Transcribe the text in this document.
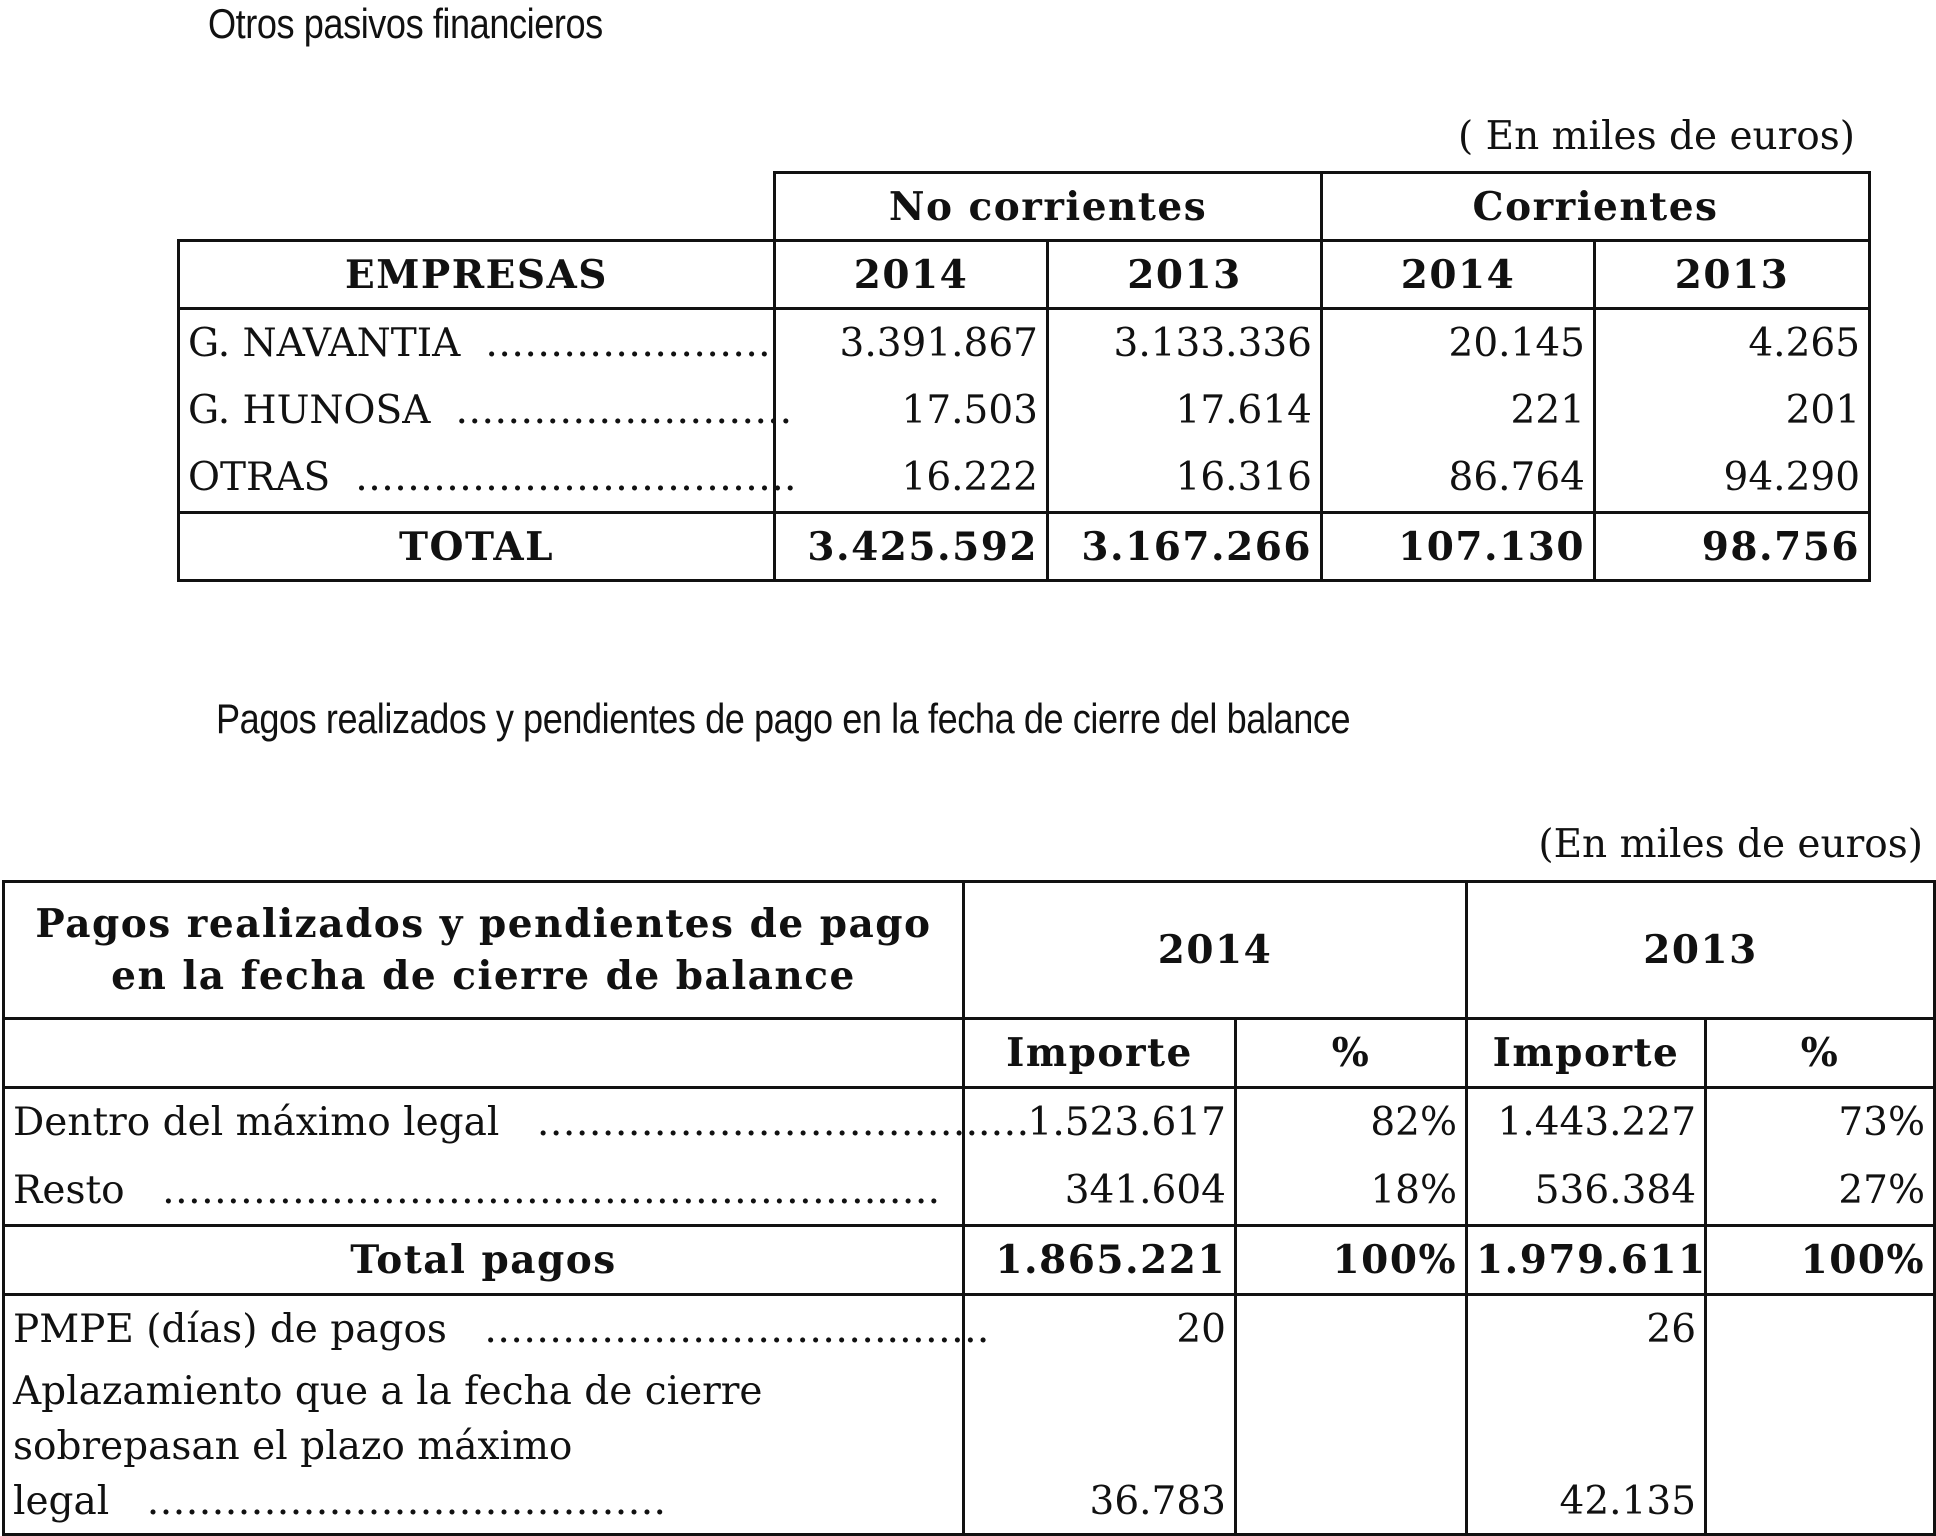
Otros pasivos financieros
( En miles de euros)
	No corrientes		Corrientes	
EMPRESAS	2014	2013	2014	2013
G. NAVANTIA ………………….	3.391.867	3.133.336	20.145	4.265
G. HUNOSA ……………………..	17.503	17.614	221	201
OTRAS …………………………….	16.222	16.316	86.764	94.290
TOTAL	3.425.592	3.167.266	107.130	98.756
Pagos realizados y pendientes de pago en la fecha de cierre del balance
(En miles de euros)
Pagos realizados y pendientes de pago en la fecha de cierre de balance	2014		2013	
	Importe	%	Importe	%
Dentro del máximo legal ……………………………..…	1.523.617	82%	1.443.227	73%
Resto ………………………………………………..….	341.604	18%	536.384	27%
Total pagos	1.865.221	100%	1.979.611	100%
PMPE (días) de pagos …………………………..…….	20		26	
Aplazamiento que a la fecha de cierre sobrepasan el plazo máximo legal ………………………………….	36.783		42.135	
